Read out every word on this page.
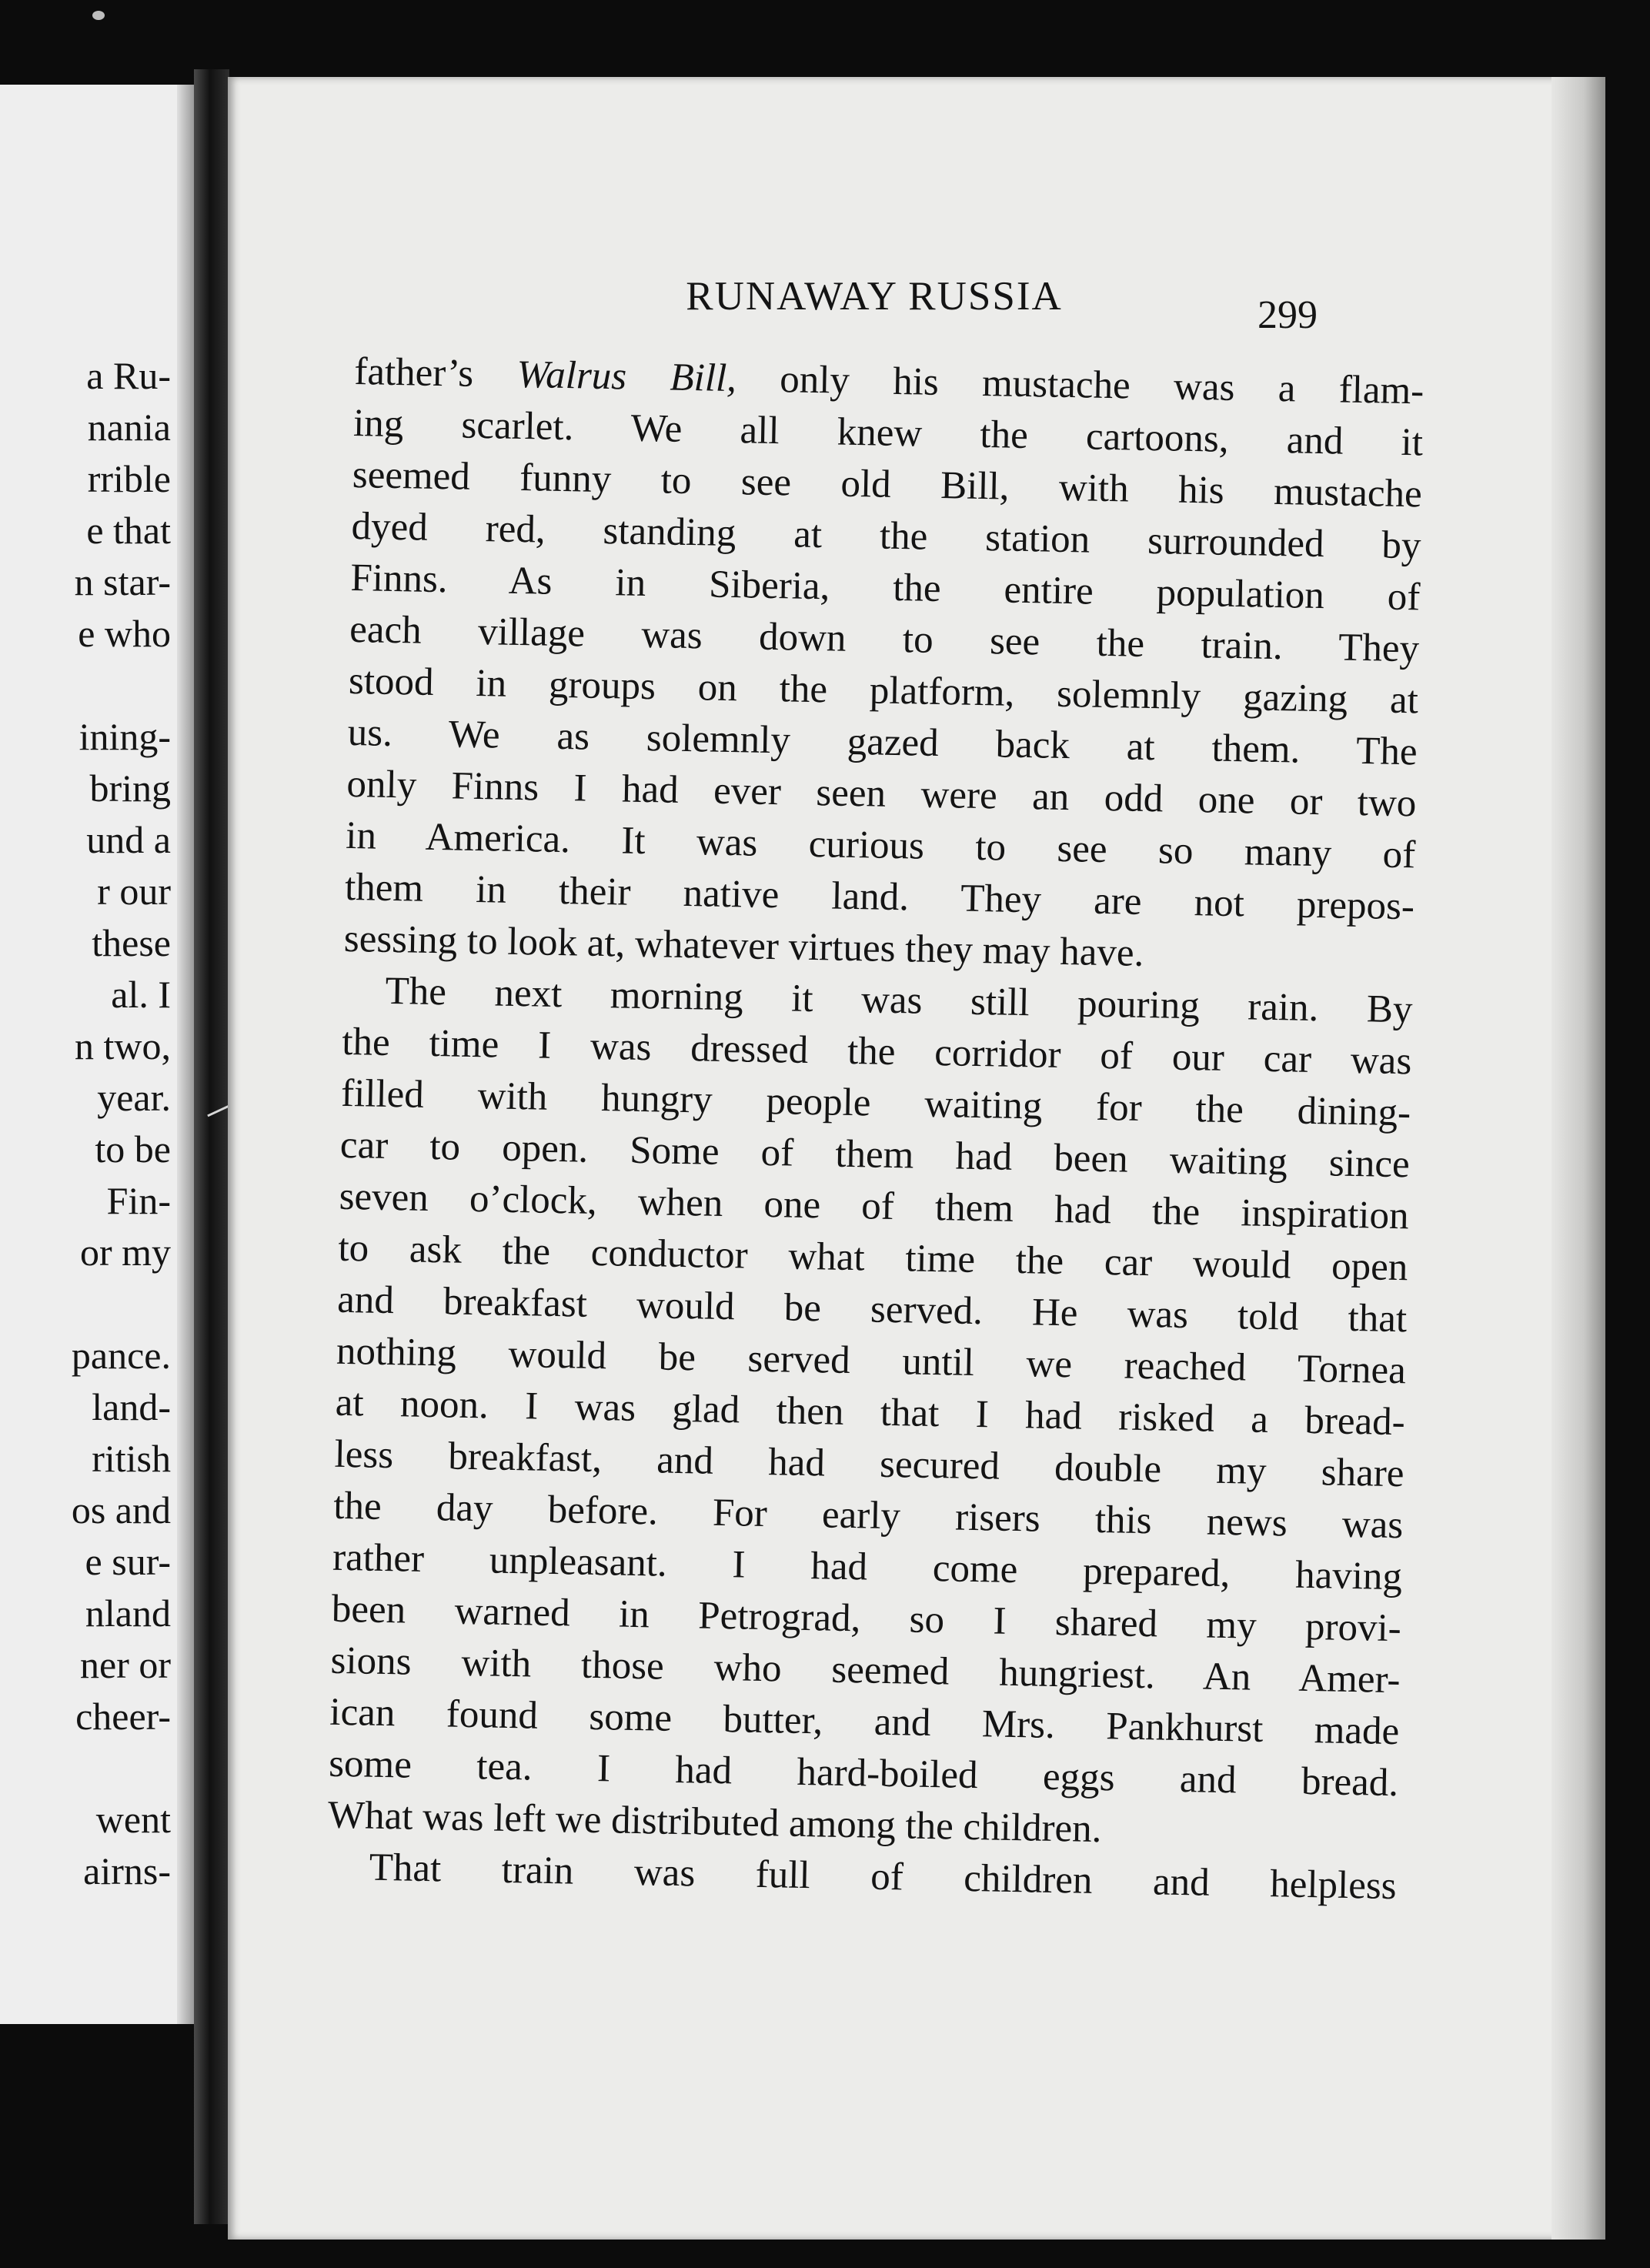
a Ru-
nania
rrible
e that
n star-
e who
ining-
bring
und a
r our
these
al. I
n two,
year.
to be
Fin-
or my
pance.
land-
ritish
os and
e sur-
nland
ner or
cheer-
went
airns-
RUNAWAY RUSSIA	299
father’s Walrus Bill, only his mustache was a flam-
ing scarlet. We all knew the cartoons, and it
seemed funny to see old Bill, with his mustache
dyed red, standing at the station surrounded by
Finns. As in Siberia, the entire population of
each village was down to see the train. They
stood in groups on the platform, solemnly gazing at
us. We as solemnly gazed back at them. The
only Finns I had ever seen were an odd one or two
in America. It was curious to see so many of
them in their native land. They are not prepos-
sessing to look at, whatever virtues they may have.
The next morning it was still pouring rain. By
the time I was dressed the corridor of our car was
filled with hungry people waiting for the dining-
car to open. Some of them had been waiting since
seven o’clock, when one of them had the inspiration
to ask the conductor what time the car would open
and breakfast would be served. He was told that
nothing would be served until we reached Tornea
at noon. I was glad then that I had risked a bread-
less breakfast, and had secured double my share
the day before. For early risers this news was
rather unpleasant. I had come prepared, having
been warned in Petrograd, so I shared my provi-
sions with those who seemed hungriest. An Amer-
ican found some butter, and Mrs. Pankhurst made
some tea. I had hard-boiled eggs and bread.
What was left we distributed among the children.
That train was full of children and helpless
